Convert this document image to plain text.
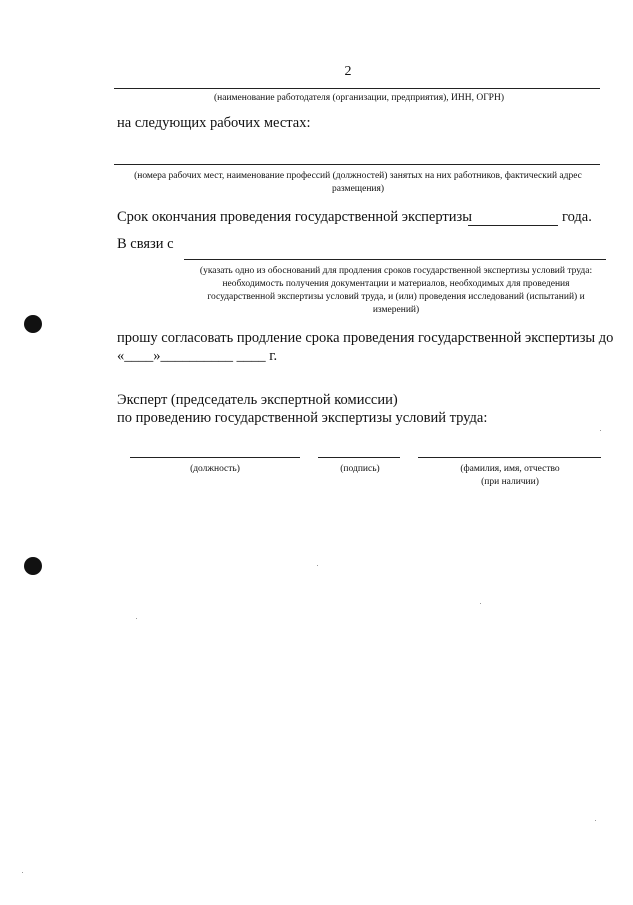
2
(наименование работодателя (организации, предприятия), ИНН, ОГРН)
на следующих рабочих местах:
(номера рабочих мест, наименование профессий (должностей) занятых на них работников, фактический адрес размещения)
Срок окончания проведения государственной экспертизы	года.
В связи с
(указать одно из обоснований для продления сроков государственной экспертизы условий труда: необходимость получения документации и материалов, необходимых для проведения государственной экспертизы условий труда, и (или) проведения исследований (испытаний) и измерений)
прошу согласовать продление срока проведения государственной экспертизы до
«____»__________ ____ г.
Эксперт (председатель экспертной комиссии)
по проведению государственной экспертизы условий труда:
(должность)	(подпись)	(фамилия, имя, отчество
(при наличии)
